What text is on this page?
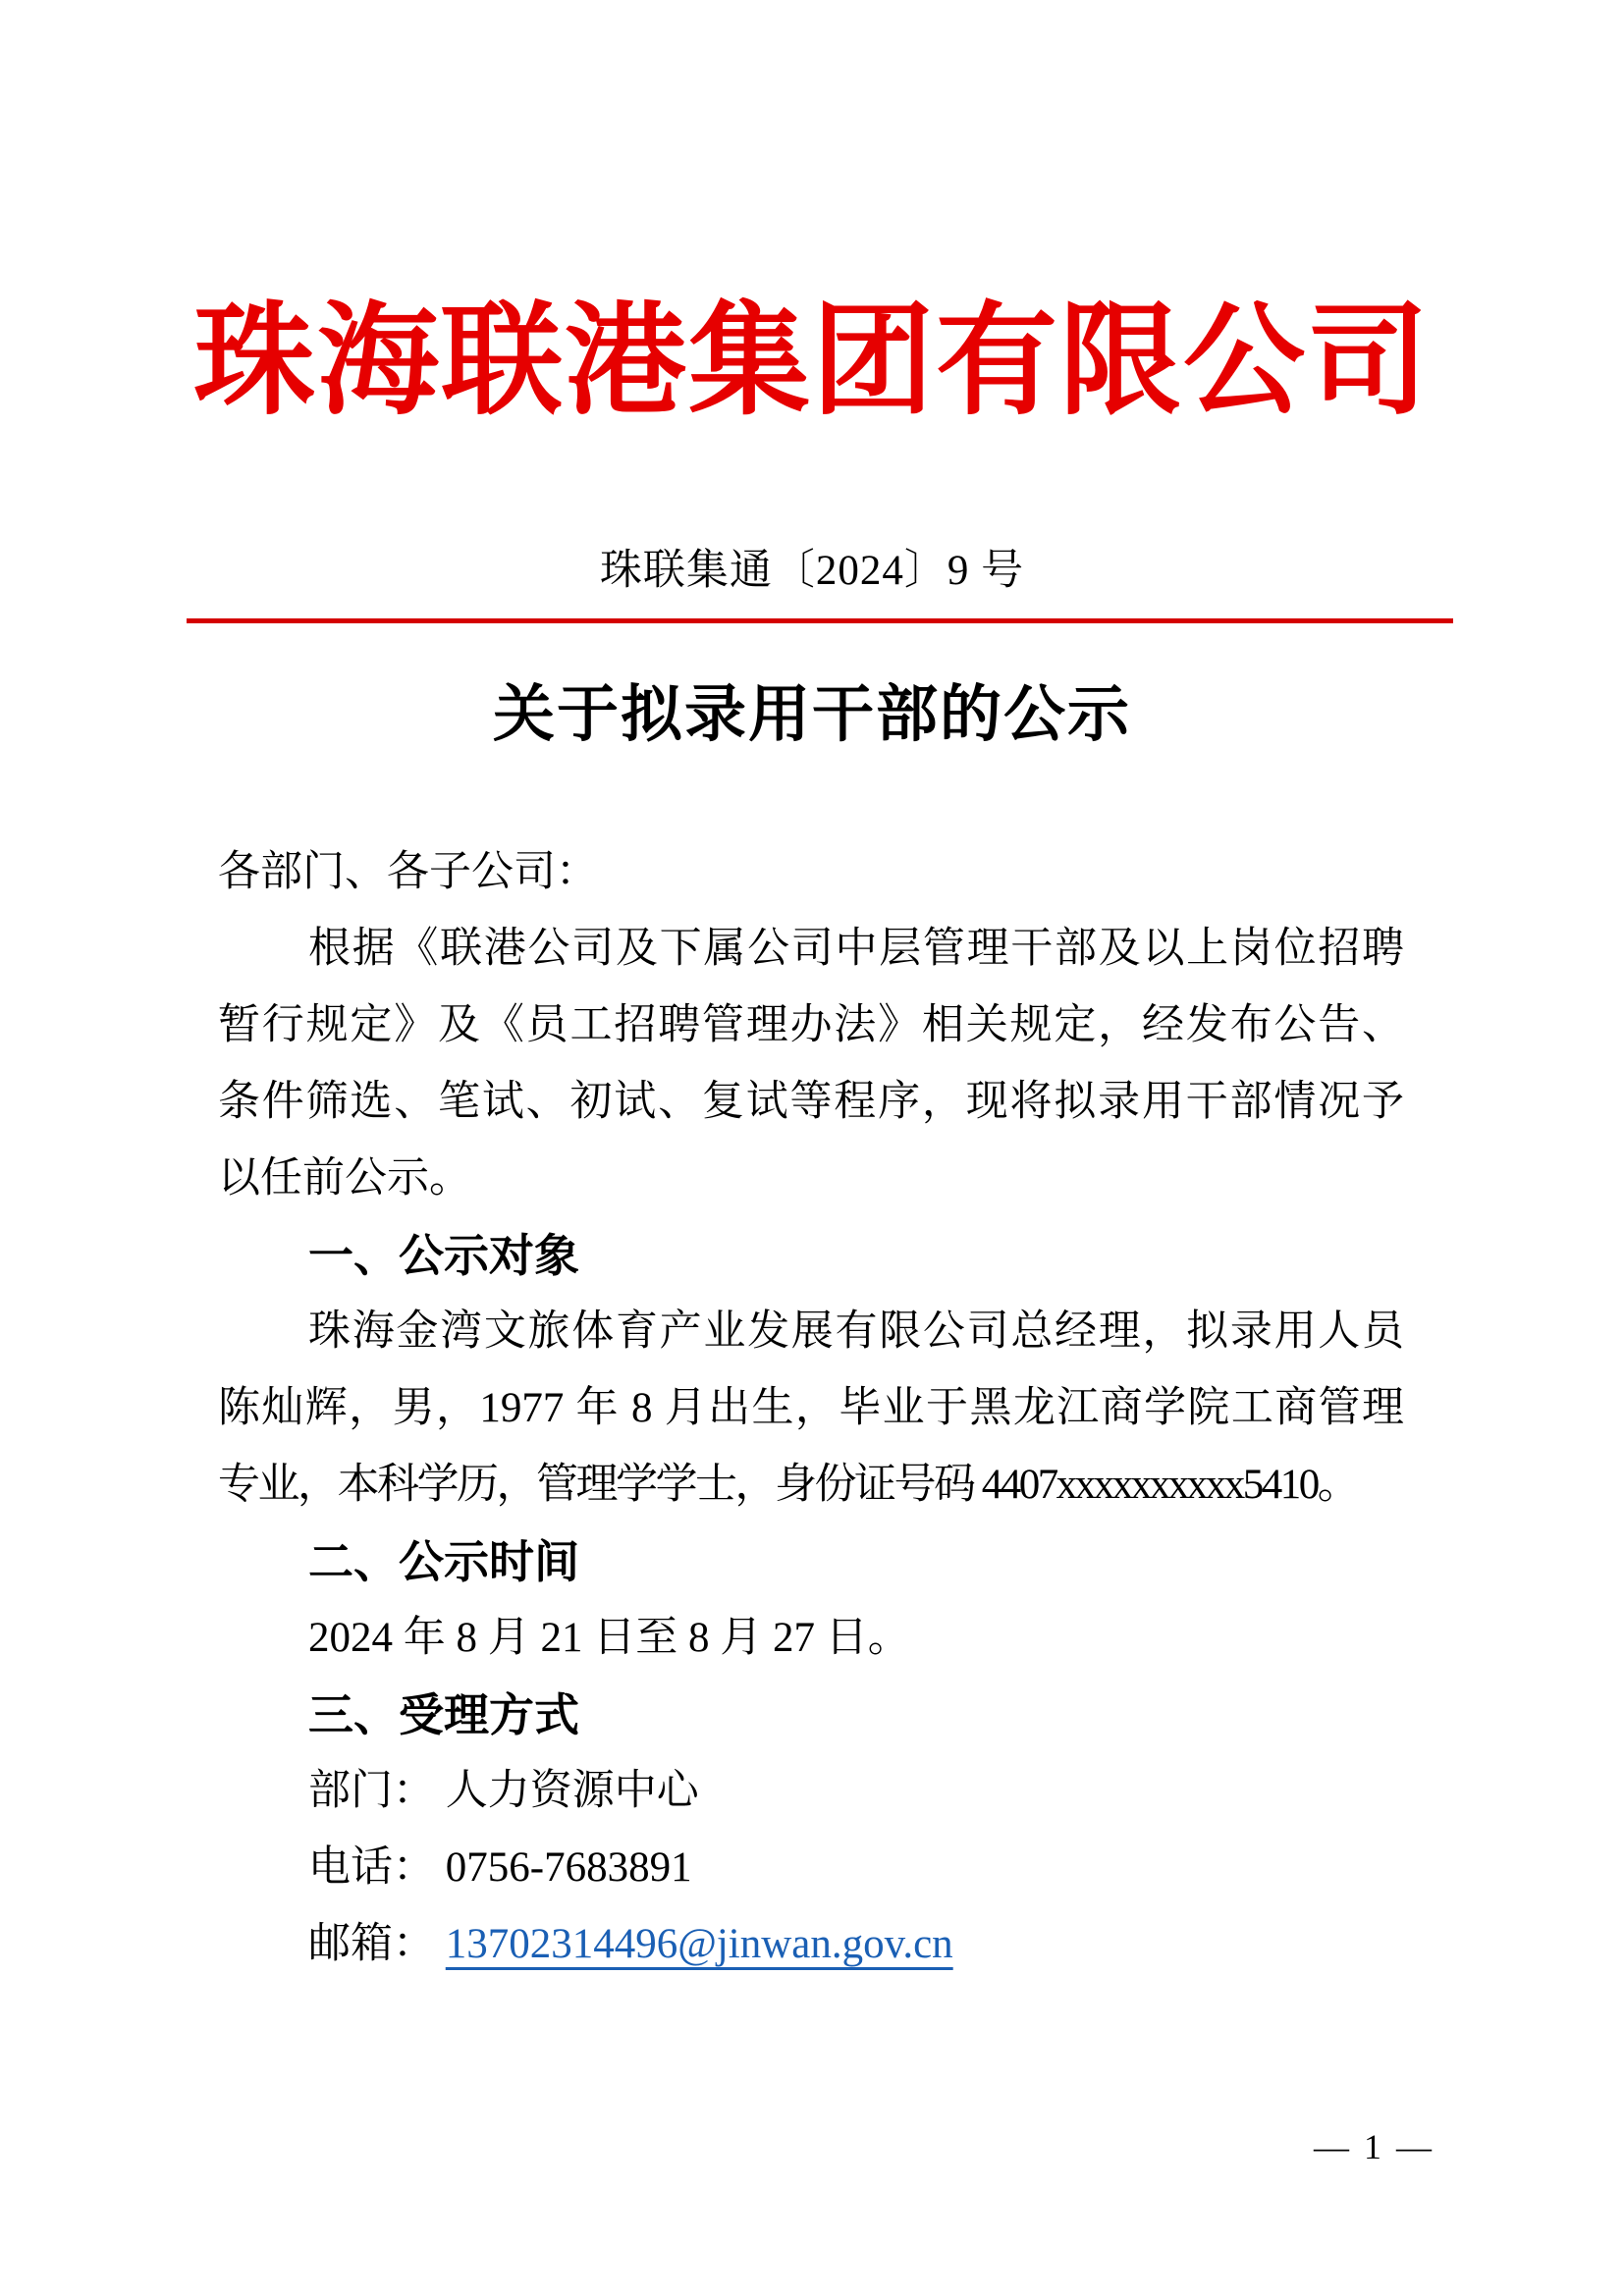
珠海联港集团有限公司
珠联集通〔2024〕9 号
关于拟录用干部的公示
各部门、各子公司：
根据《联港公司及下属公司中层管理干部及以上岗位招聘
暂行规定》及《员工招聘管理办法》相关规定，经发布公告、
条件筛选、笔试、初试、复试等程序，现将拟录用干部情况予
以任前公示。
一、公示对象
珠海金湾文旅体育产业发展有限公司总经理，拟录用人员
陈灿辉，男，1977 年 8 月出生，毕业于黑龙江商学院工商管理
专业，本科学历，管理学学士，身份证号码 4407xxxxxxxxxx5410。
二、公示时间
2024 年 8 月 21 日至 8 月 27 日。
三、受理方式
部门： 人力资源中心
电话： 0756-7683891
邮箱： 13702314496@jinwan.gov.cn
— 1 —
